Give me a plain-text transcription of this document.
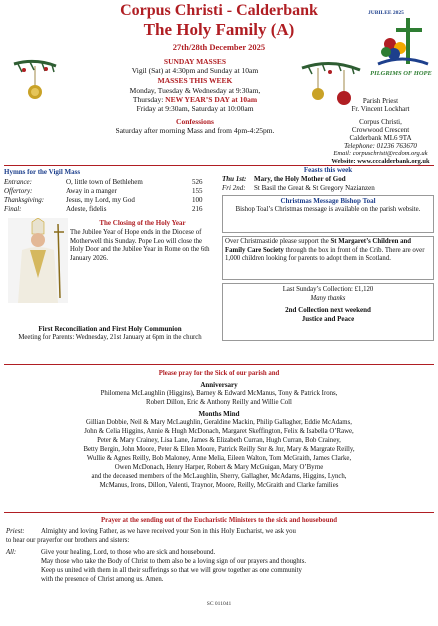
Corpus Christi - Calderbank
The Holy Family (A)
27th/28th December 2025
JUBILEE 2025
PILGRIMS OF HOPE
SUNDAY MASSES
Vigil (Sat) at 4:30pm and Sunday at 10am
MASSES THIS WEEK
Monday, Tuesday & Wednesday at 9:30am,
Thursday: NEW YEAR’S DAY at 10am
Friday at 9:30am, Saturday at 10:00am
Confessions
Saturday after morning Mass and from 4pm-4:25pm.
Parish Priest
Fr. Vincent Lockhart
Corpus Christi,
Crowwood Crescent
Calderbank ML6 9TA
Telephone: 01236 763670
Email: corpuschristi@rcdom.org.uk
Website: www.cccalderbank.org.uk
Hymns for the Vigil Mass
Entrance:	O, little town of Bethlehem	526
Offertory:	Away in a manger	155
Thanksgiving:	Jesus, my Lord, my God	100
Final:	Adeste, fidelis	216
The Closing of the Holy Year
The Jubilee Year of Hope ends in the Diocese of Motherwell this Sunday. Pope Leo will close the Holy Door and the Jubilee Year in Rome on the 6th January 2026.
First Reconciliation and First Holy Communion
Meeting for Parents: Wednesday, 21st January at 6pm in the church
Feasts this week
Thu 1st: Mary, the Holy Mother of God
Fri 2nd: St Basil the Great & St Gregory Nazianzen
Christmas Message Bishop Toal
Bishop Toal’s Christmas message is available on the parish website.
Over Christmastide please support the St Margaret’s Children and Family Care Society through the box in front of the Crib. There are over 1,000 children looking for parents to adopt them in Scotland.
Last Sunday’s Collection: £1,120
Many thanks
2nd Collection next weekend
Justice and Peace
Please pray for the Sick of our parish and
Anniversary
Philomena McLaughlin (Higgins), Barney & Edward McManus, Tony & Patrick Irons,
Robert Dillon, Eric & Anthony Reilly and Willie Coll
Months Mind
Gillian Dobbie, Neil & Mary McLaughlin, Geraldine Mackin, Philip Gallagher, Eddie McAdams,
John & Celia Higgins, Annie & Hugh McDonach, Margaret Skeffington, Felix & Isabella O’Rawe,
Peter & Mary Crainey, Lisa Lane, James & Elizabeth Curran, Hugh Curran, Bob Crainey,
Betty Bergin, John Moore, Peter & Ellen Moore, Patrick Reilly Snr & Jnr, Mary & Margrate Reilly,
Wullie & Agnes Reilly, Bob Maloney, Anne Melia, Eileen Walton, Tom McGraith, James Clarke,
Owen McDonach, Henry Harper, Robert & Mary McGuigan, Mary O’Byrne
and the deceased members of the McLaughlin, Sherry, Gallagher, McAdams, Higgins, Lynch,
McManus, Irons, Dillon, Valenti, Traynor, Moore, Reilly, McGraith and Clarke families
Prayer at the sending out of the Eucharistic Ministers to the sick and housebound
Priest: Almighty and loving Father, as we have received your Son in this Holy Eucharist, we ask you
to hear our prayerfor our brothers and sisters:
All:	Give your healing, Lord, to those who are sick and housebound.
May those who take the Body of Christ to them also be a loving sign of our prayers and thoughts.
Keep us united with them in all their sufferings so that we will grow together as one community
with the presence of Christ among us. Amen.
SC 011041
